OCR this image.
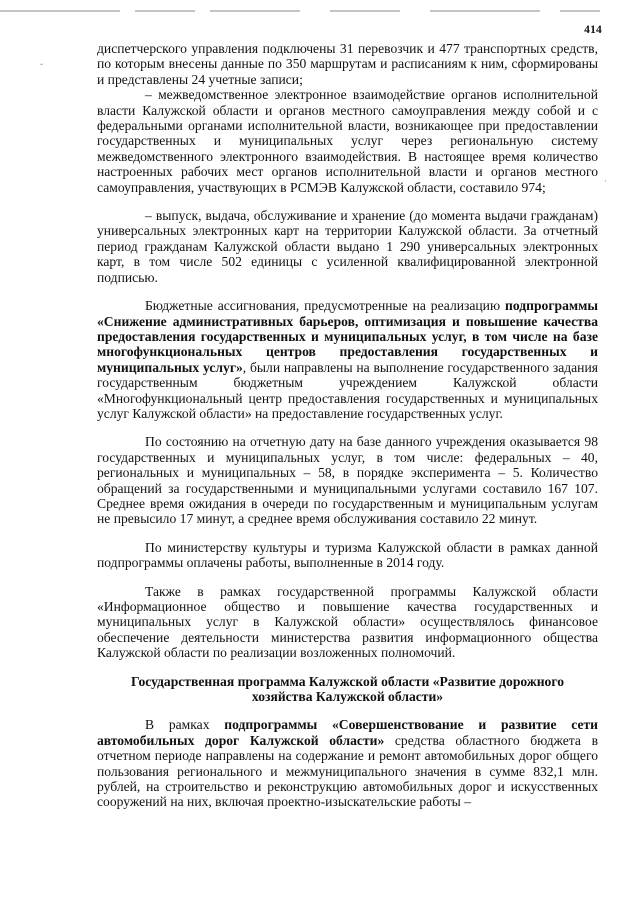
414
ˇ
·

диспетчерского управления подключены 31 перевозчик и 477 транспортных средств, по которым внесены данные по 350 маршрутам и расписаниям к ним, сформированы и представлены 24 учетные записи;

– межведомственное электронное взаимодействие органов исполнительной власти Калужской области и органов местного самоуправления между собой и с федеральными органами исполнительной власти, возникающее при предоставлении государственных и муниципальных услуг через региональную систему межведомственного электронного взаимодействия. В настоящее время количество настроенных рабочих мест органов исполнительной власти и органов местного самоуправления, участвующих в РСМЭВ Калужской области, составило 974;

– выпуск, выдача, обслуживание и хранение (до момента выдачи гражданам) универсальных электронных карт на территории Калужской области. За отчетный период гражданам Калужской области выдано 1 290 универсальных электронных карт, в том числе 502 единицы с усиленной квалифицированной электронной подписью.

Бюджетные ассигнования, предусмотренные на реализацию подпрограммы «Снижение административных барьеров, оптимизация и повышение качества предоставления государственных и муниципальных услуг, в том числе на базе многофункциональных центров предоставления государственных и муниципальных услуг», были направлены на выполнение государственного задания государственным бюджетным учреждением Калужской области «Многофункциональный центр предоставления государственных и муниципальных услуг Калужской области» на предоставление государственных услуг.

По состоянию на отчетную дату на базе данного учреждения оказывается 98 государственных и муниципальных услуг, в том числе: федеральных – 40, региональных и муниципальных – 58, в порядке эксперимента – 5. Количество обращений за государственными и муниципальными услугами составило 167 107. Среднее время ожидания в очереди по государственным и муниципальным услугам не превысило 17 минут, а среднее время обслуживания составило 22 минут.

По министерству культуры и туризма Калужской области в рамках данной подпрограммы оплачены работы, выполненные в 2014 году.

Также в рамках государственной программы Калужской области «Информационное общество и повышение качества государственных и муниципальных услуг в Калужской области» осуществлялось финансовое обеспечение деятельности министерства развития информационного общества Калужской области по реализации возложенных полномочий.

Государственная программа Калужской области «Развитие дорожного хозяйства Калужской области»

В рамках подпрограммы «Совершенствование и развитие сети автомобильных дорог Калужской области» средства областного бюджета в отчетном периоде направлены на содержание и ремонт автомобильных дорог общего пользования регионального и межмуниципального значения в сумме 832,1 млн. рублей, на строительство и реконструкцию автомобильных дорог и искусственных сооружений на них, включая проектно-изыскательские работы –
